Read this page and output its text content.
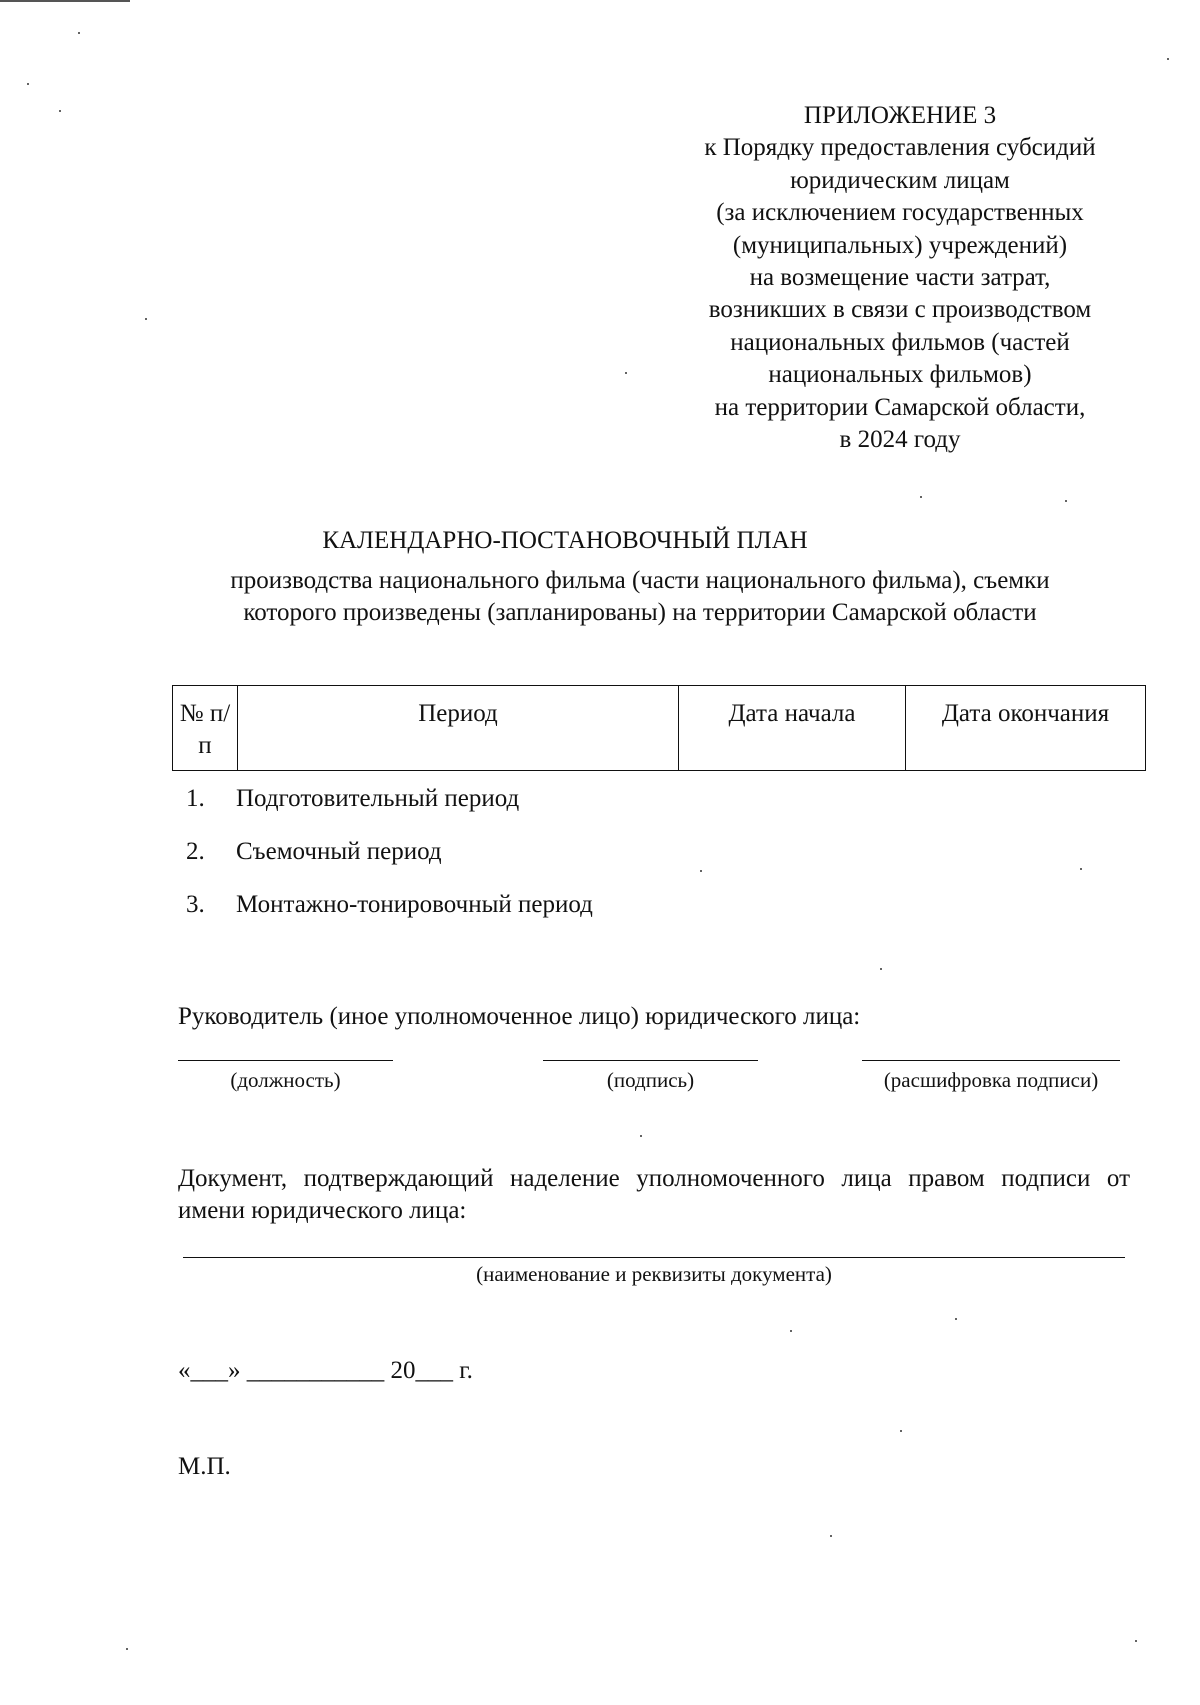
ПРИЛОЖЕНИЕ 3
к Порядку предоставления субсидий
юридическим лицам
(за исключением государственных
(муниципальных) учреждений)
на возмещение части затрат,
возникших в связи с производством
национальных фильмов (частей
национальных фильмов)
на территории Самарской области,
в 2024 году
КАЛЕНДАРНО-ПОСТАНОВОЧНЫЙ ПЛАН
производства национального фильма (части национального фильма), съемки
которого произведены (запланированы) на территории Самарской области
№ п/п	Период	Дата начала	Дата окончания
1.	Подготовительный период
2.	Съемочный период
3.	Монтажно-тонировочный период
Руководитель (иное уполномоченное лицо) юридического лица:
(должность)	(подпись)	(расшифровка подписи)
Документ, подтверждающий наделение уполномоченного лица правом подписи от имени юридического лица:
(наименование и реквизиты документа)
«___» ___________ 20___ г.
М.П.
